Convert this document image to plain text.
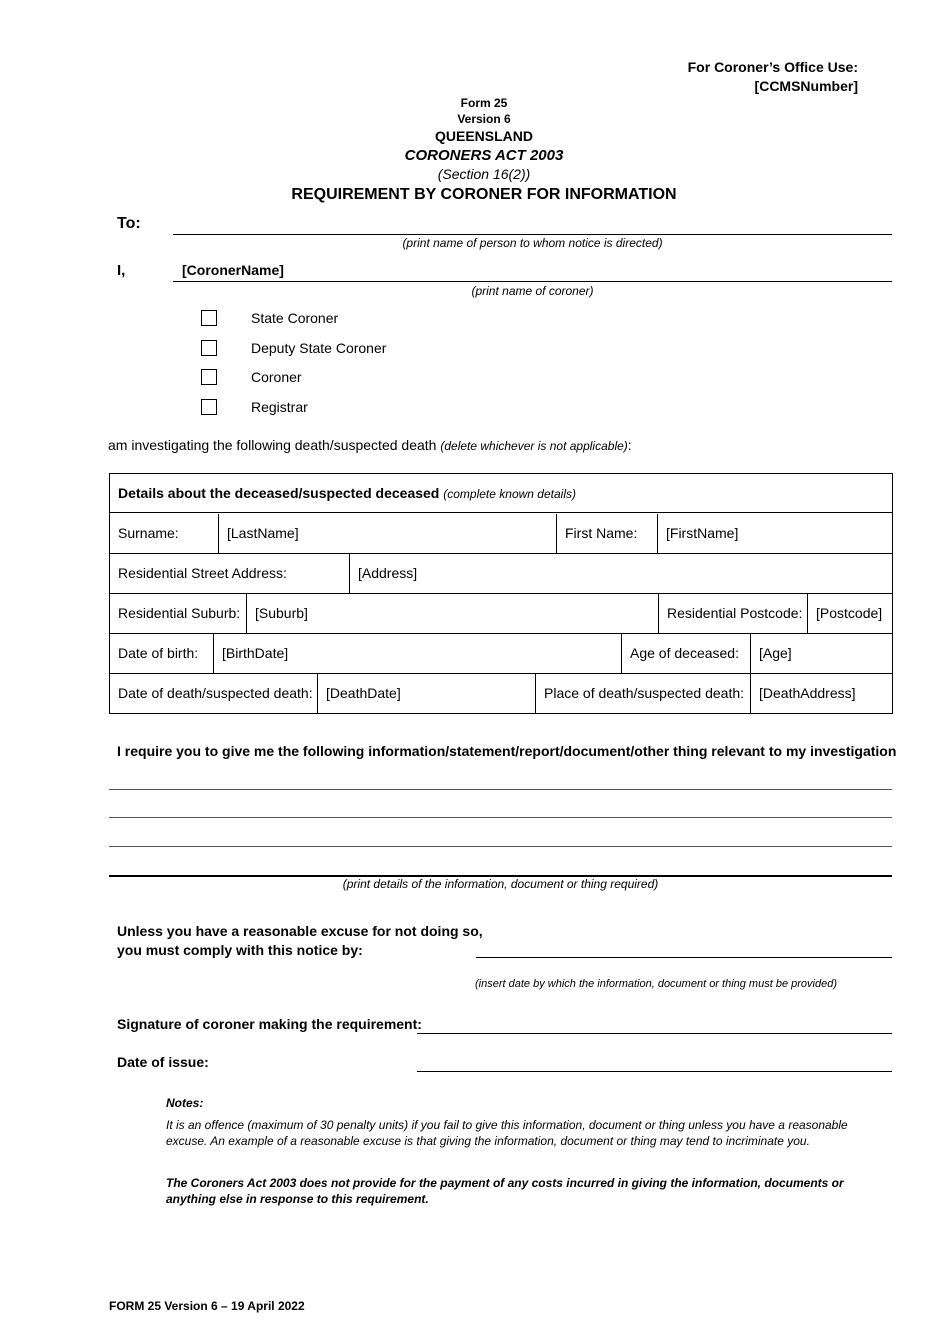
For Coroner’s Office Use:
[CCMSNumber]
Form 25
Version 6
QUEENSLAND
CORONERS ACT 2003
(Section 16(2))
REQUIREMENT BY CORONER FOR INFORMATION
To:
(print name of person to whom notice is directed)
I,	[CoronerName]
(print name of coroner)
State Coroner
Deputy State Coroner
Coroner
Registrar
am investigating the following death/suspected death (delete whichever is not applicable):
Details about the deceased/suspected deceased (complete known details)
Surname:	[LastName]	First Name:	[FirstName]
Residential Street Address:	[Address]
Residential Suburb:	[Suburb]	Residential Postcode: [Postcode]
Date of birth:	[BirthDate]	Age of deceased:	[Age]
Date of death/suspected death: [DeathDate]	Place of death/suspected death:	[DeathAddress]
I require you to give me the following information/statement/report/document/other thing relevant to my investigation
(print details of the information, document or thing required)
Unless you have a reasonable excuse for not doing so,
you must comply with this notice by:
(insert date by which the information, document or thing must be provided)
Signature of coroner making the requirement:
Date of issue:
Notes:
It is an offence (maximum of 30 penalty units) if you fail to give this information, document or thing unless you have a reasonable excuse. An example of a reasonable excuse is that giving the information, document or thing may tend to incriminate you.
The Coroners Act 2003 does not provide for the payment of any costs incurred in giving the information, documents or anything else in response to this requirement.
FORM 25 Version 6 – 19 April 2022
